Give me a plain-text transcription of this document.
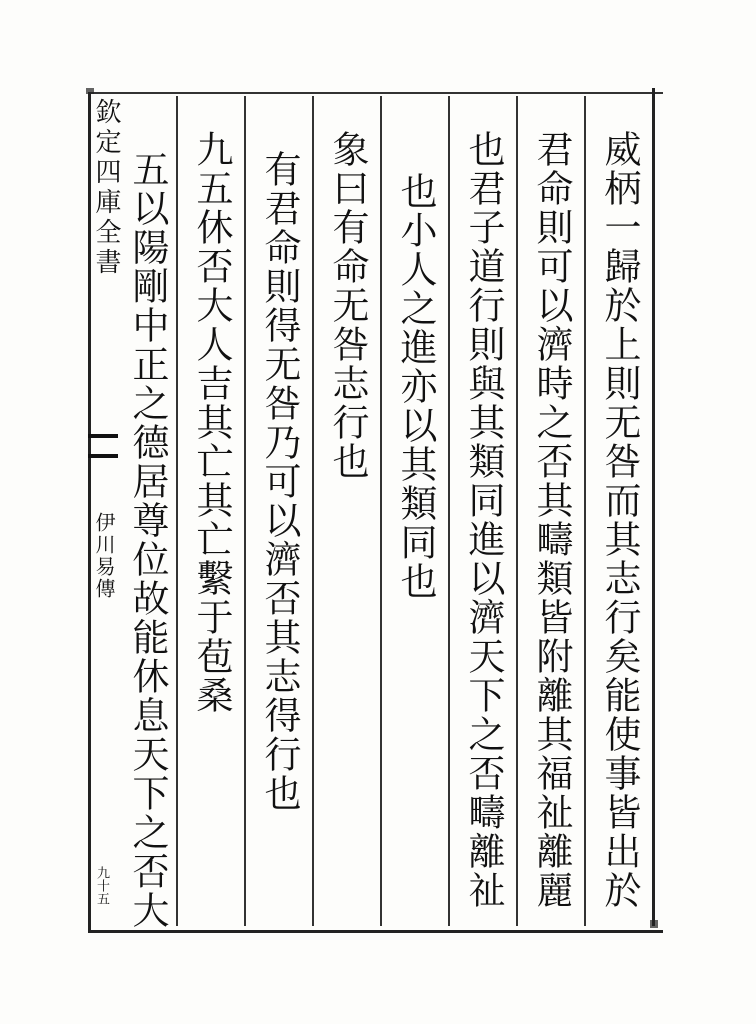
欽定四庫全書
伊川易傳
九十五	威柄一歸於上則无咎而其志行矣能使事皆出於
君命則可以濟時之否其疇類皆附離其福祉離麗
也君子道行則與其類同進以濟天下之否疇離祉
也小人之進亦以其類同也
象曰有命无咎志行也
有君命則得无咎乃可以濟否其志得行也
九五休否大人吉其亡其亡繫于苞桑
五以陽剛中正之德居尊位故能休息天下之否大
